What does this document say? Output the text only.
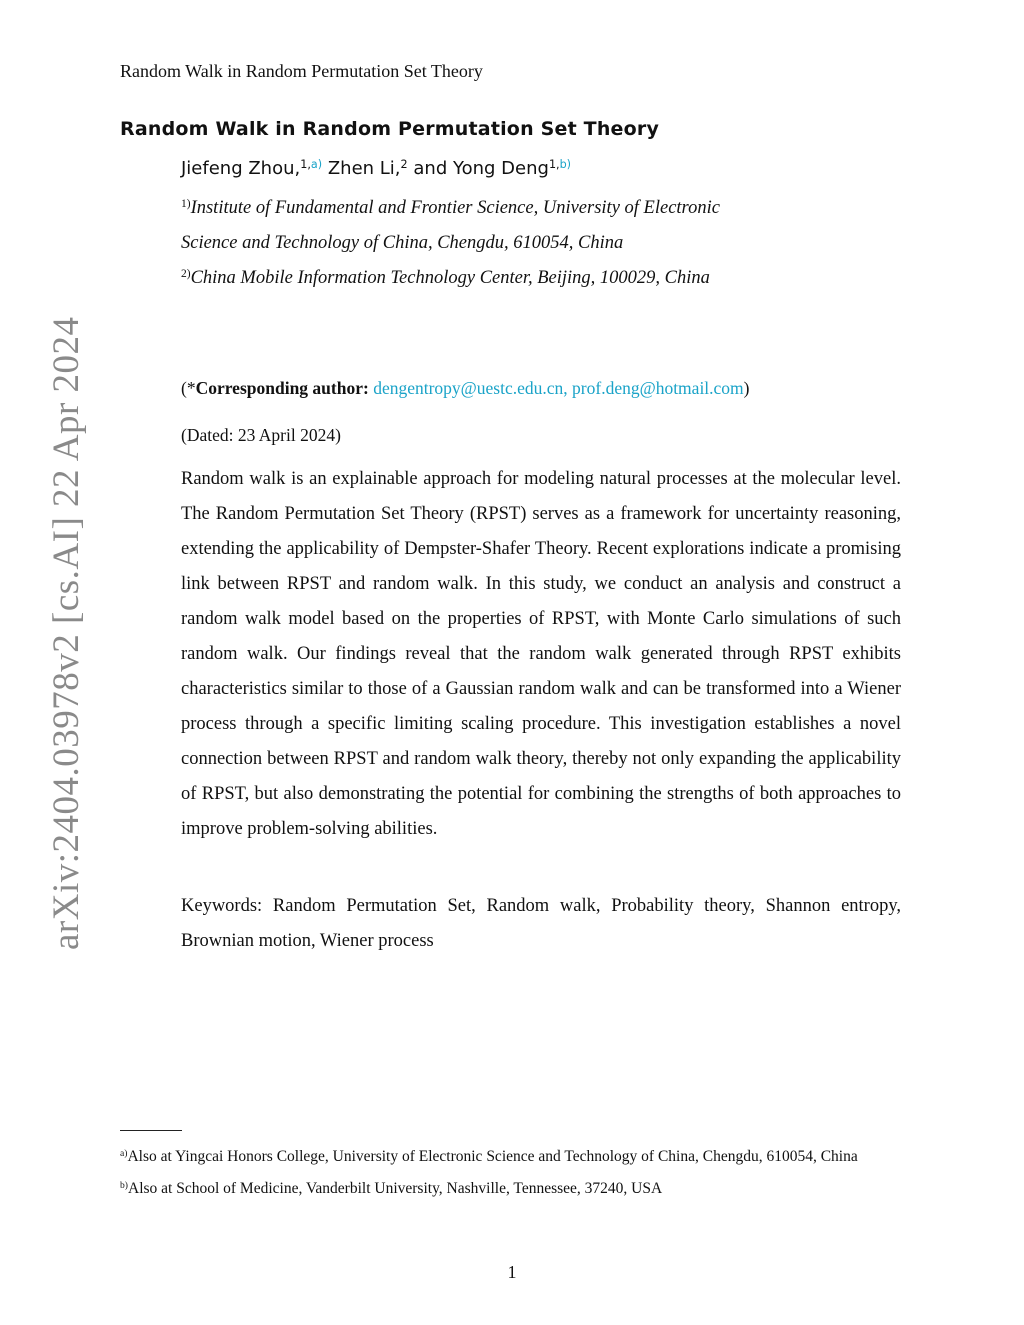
Random Walk in Random Permutation Set Theory
Random Walk in Random Permutation Set Theory
Jiefeng Zhou,$^{1,a)}$ Zhen Li,$^2$ and Yong Deng$^{1,b)}$

$^{1)}$Institute of Fundamental and Frontier Science, University of Electronic Science and Technology of China, Chengdu, 610054, China

$^{2)}$China Mobile Information Technology Center, Beijing, 100029, China

(*Corresponding author: dengentropy@uestc.edu.cn, prof.deng@hotmail.com)
(Dated: 23 April 2024)

Random walk is an explainable approach for modeling natural processes at the molecular level. The Random Permutation Set Theory (RPST) serves as a framework for uncertainty reasoning, extending the applicability of Dempster-Shafer Theory. Recent explorations indicate a promising link between RPST and random walk. In this study, we conduct an analysis and construct a random walk model based on the properties of RPST, with Monte Carlo simulations of such random walk. Our findings reveal that the random walk generated through RPST exhibits characteristics similar to those of a Gaussian random walk and can be transformed into a Wiener process through a specific limiting scaling procedure. This investigation establishes a novel connection between RPST and random walk theory, thereby not only expanding the applicability of RPST, but also demonstrating the potential for combining the strengths of both approaches to improve problem-solving abilities.

Keywords: Random Permutation Set, Random walk, Probability theory, Shannon entropy, Brownian motion, Wiener process

arXiv:2404.03978v2 [cs.AI] 22 Apr 2024

$^{a)}$Also at Yingcai Honors College, University of Electronic Science and Technology of China, Chengdu, 610054, China

$^{b)}$Also at School of Medicine, Vanderbilt University, Nashville, Tennessee, 37240, USA

1
